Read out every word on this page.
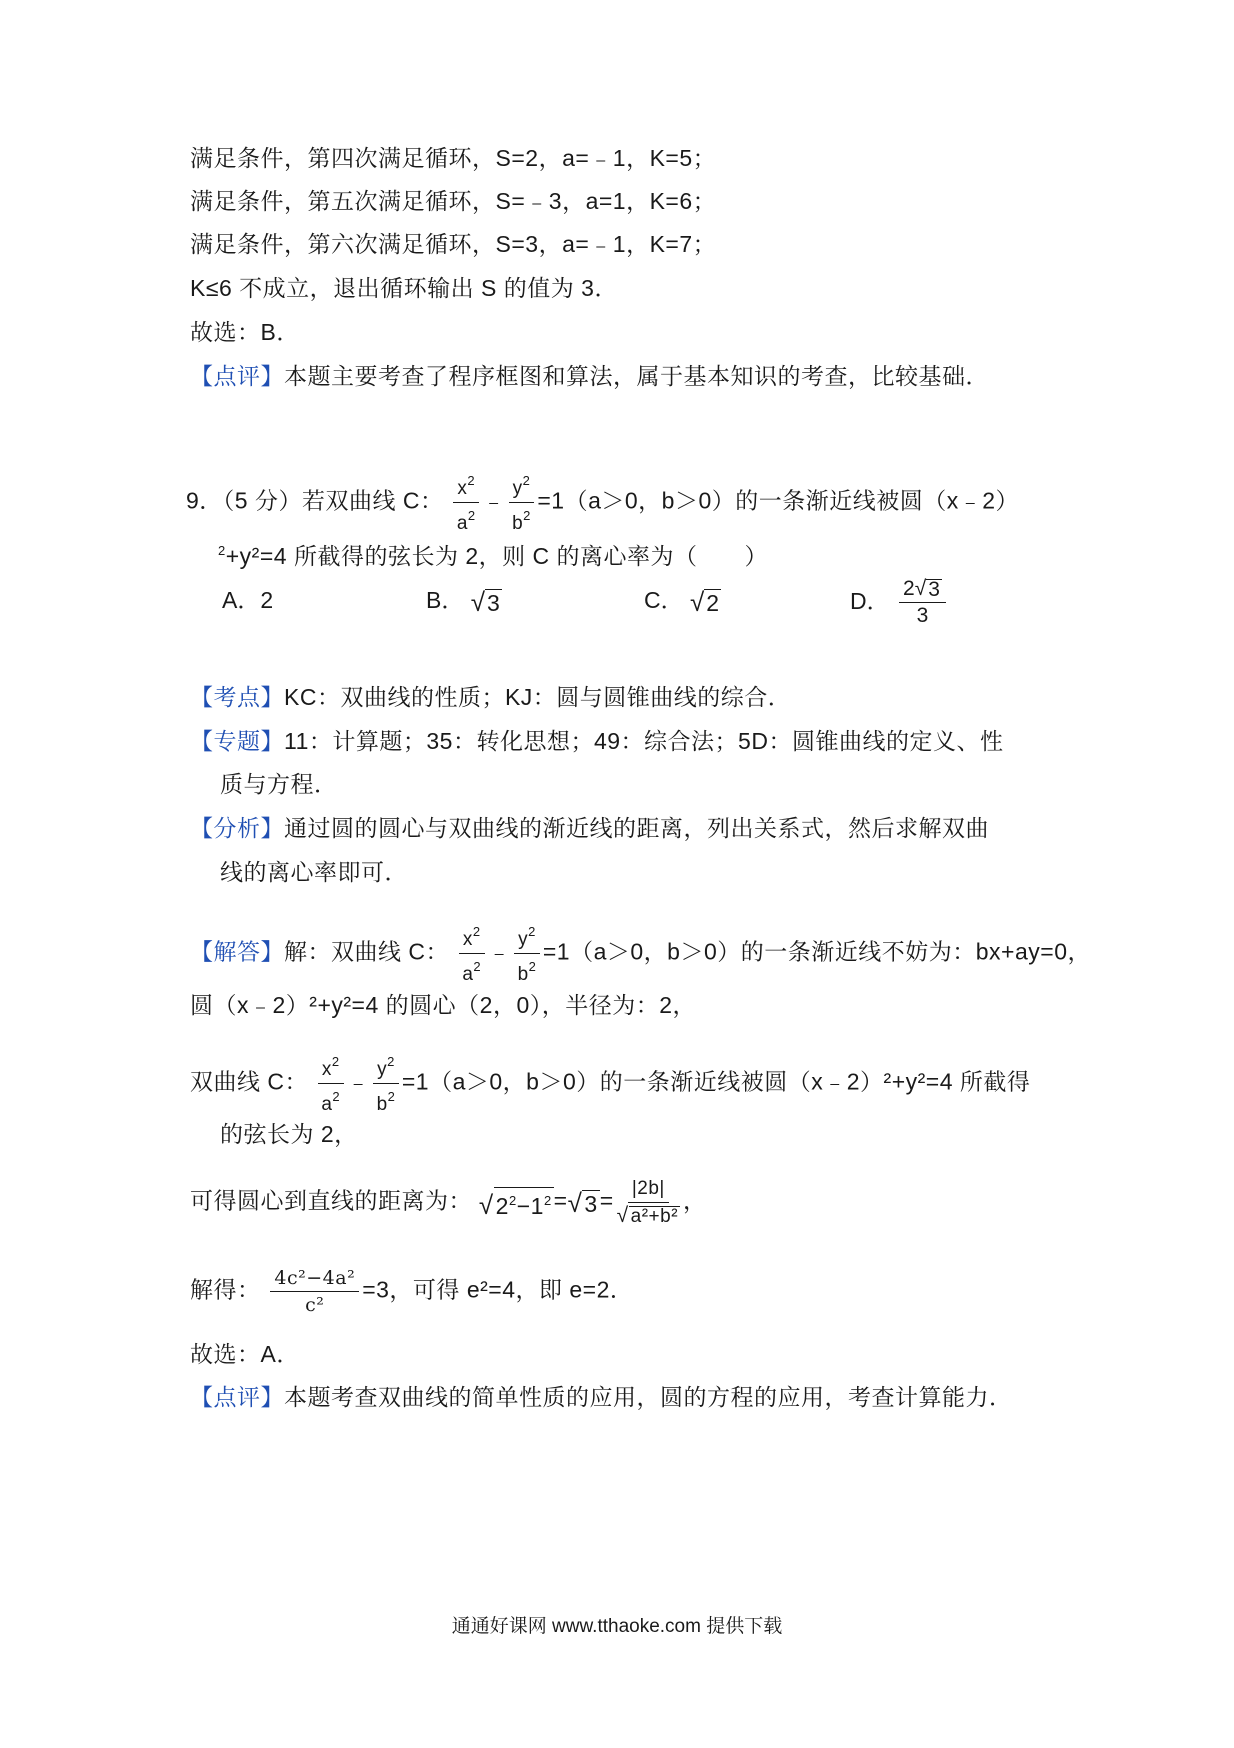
满足条件，第四次满足循环，S=2，a=﹣1，K=5；
满足条件，第五次满足循环，S=﹣3，a=1，K=6；
满足条件，第六次满足循环，S=3，a=﹣1，K=7；
K≤6 不成立，退出循环输出 S 的值为 3．
故选：B．
【点评】本题主要考查了程序框图和算法，属于基本知识的考查，比较基础．
9．（5 分）若双曲线 C： $\frac{x^2}{a^2}$ ﹣ $\frac{y^2}{b^2} =1(a>0$，b＞0）的一条渐近线被圆（x﹣2）
$^2$+y²=4 所截得的弦长为 2，则 C 的离心率为（　　）
A．2	B． √ 3	C． √ 2	D． $\frac{2 √ 3}{3}$
【考点】KC：双曲线的性质；KJ：圆与圆锥曲线的综合．
【专题】11：计算题；35：转化思想；49：综合法；5D：圆锥曲线的定义、性
质与方程．
【分析】通过圆的圆心与双曲线的渐近线的距离，列出关系式，然后求解双曲
线的离心率即可．
【解答】解：双曲线 C： $\frac{x^2}{a^2}$ ﹣ $\frac{y^2}{b^2} =1(a>0$，b＞0）的一条渐近线不妨为：bx+ay=0，
圆（x﹣2）²+y²=4 的圆心（2，0），半径为：2，
双曲线 C： $\frac{x^2}{a^2}$ ﹣ $\frac{y^2}{b^2} =1(a>0$，b＞0）的一条渐近线被圆（x﹣2）²+y²=4 所截得
的弦长为 2，
可得圆心到直线的距离为： √ $2^2-1^2$ = √ $3 = \frac{|2b|}{\text{√ a²+b²}}$ ，
解得： $\frac{\text{4c²−4a²}}{\text{c²}} =3$，可得 e²=4，即 e=2．
故选：A．
【点评】本题考查双曲线的简单性质的应用，圆的方程的应用，考查计算能力．
通通好课网 www.tthaoke.com 提供下载
